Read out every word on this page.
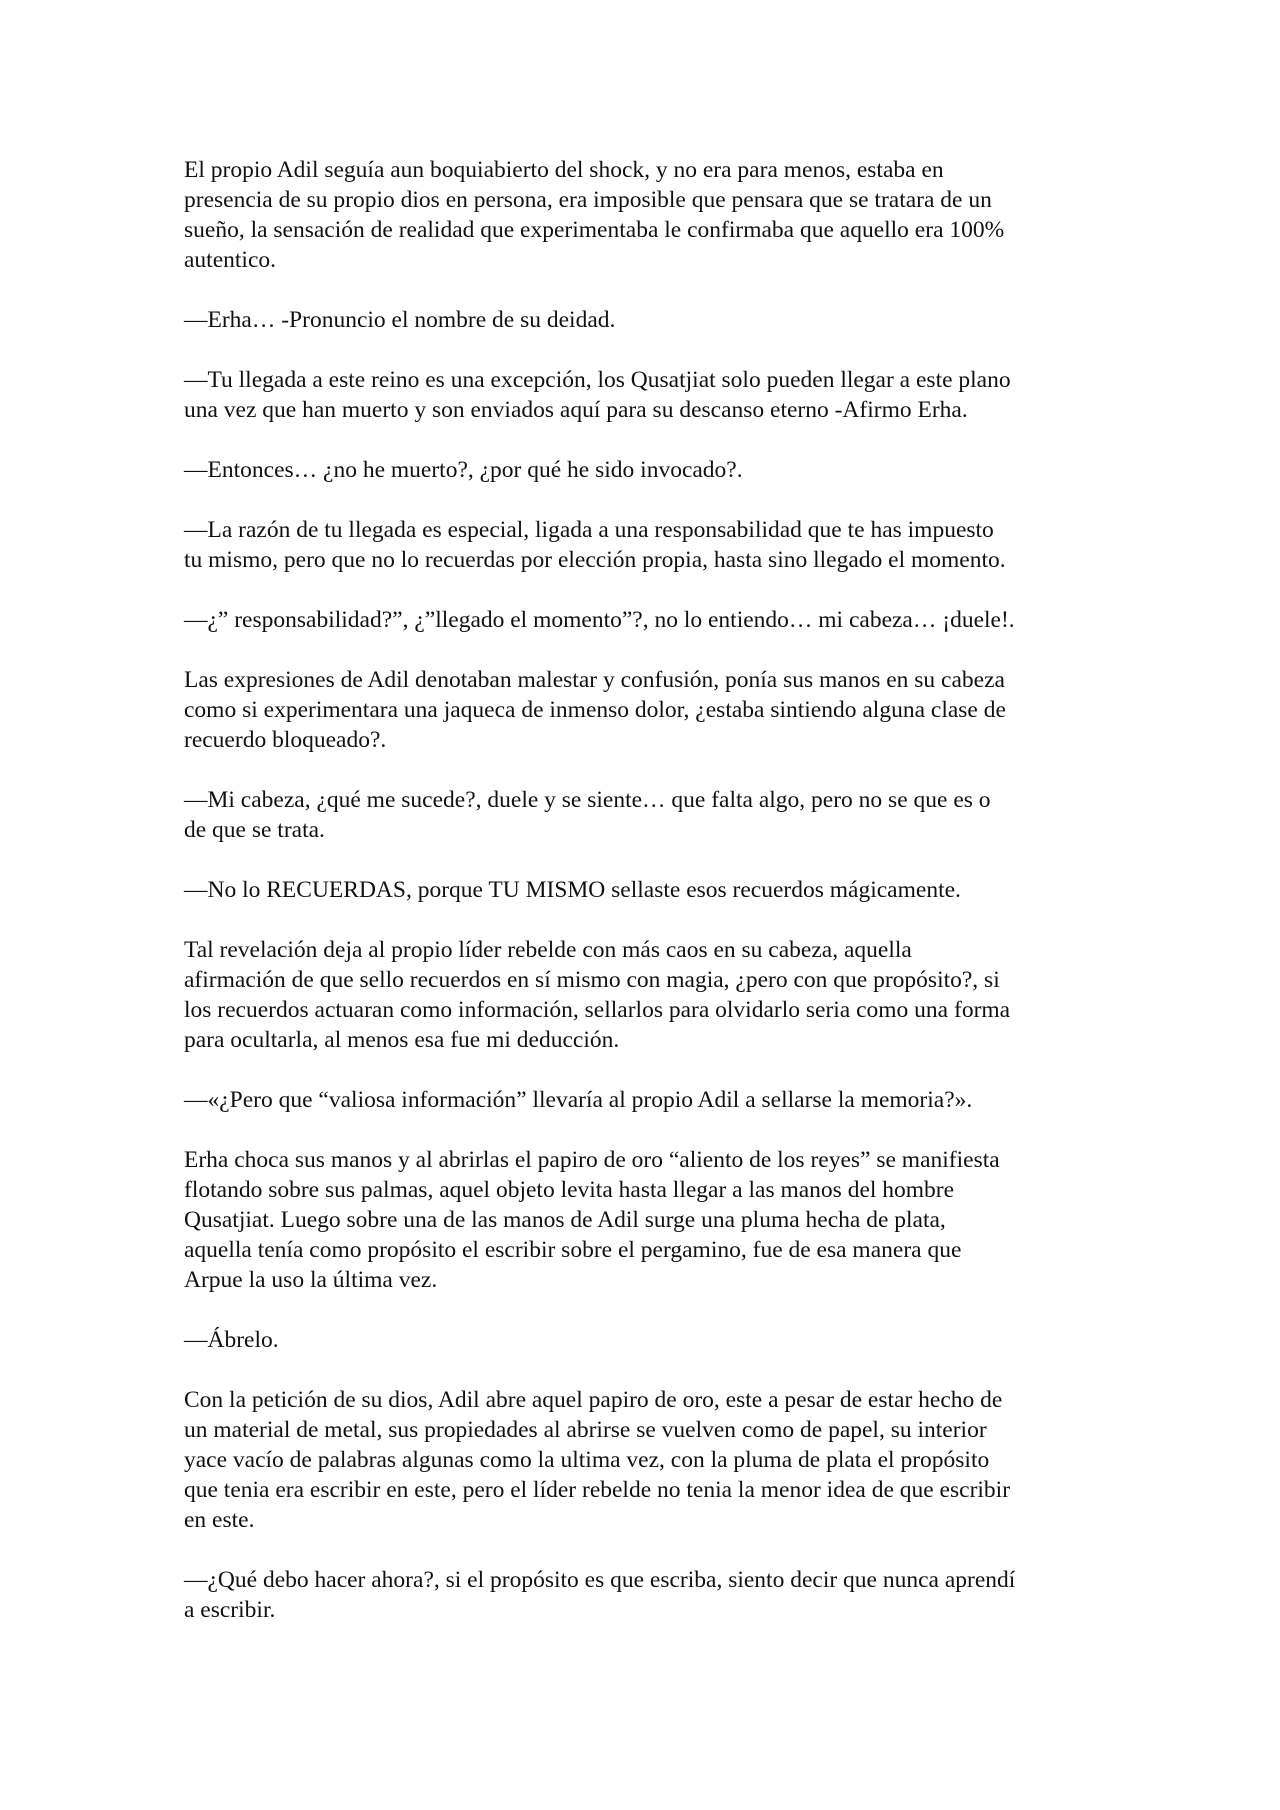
El propio Adil seguía aun boquiabierto del shock, y no era para menos, estaba en
presencia de su propio dios en persona, era imposible que pensara que se tratara de un
sueño, la sensación de realidad que experimentaba le confirmaba que aquello era 100%
autentico.

—Erha… -Pronuncio el nombre de su deidad.

—Tu llegada a este reino es una excepción, los Qusatjiat solo pueden llegar a este plano
una vez que han muerto y son enviados aquí para su descanso eterno -Afirmo Erha.

—Entonces… ¿no he muerto?, ¿por qué he sido invocado?.

—La razón de tu llegada es especial, ligada a una responsabilidad que te has impuesto
tu mismo, pero que no lo recuerdas por elección propia, hasta sino llegado el momento.

—¿” responsabilidad?”, ¿”llegado el momento”?, no lo entiendo… mi cabeza… ¡duele!.

Las expresiones de Adil denotaban malestar y confusión, ponía sus manos en su cabeza
como si experimentara una jaqueca de inmenso dolor, ¿estaba sintiendo alguna clase de
recuerdo bloqueado?.

—Mi cabeza, ¿qué me sucede?, duele y se siente… que falta algo, pero no se que es o
de que se trata.

—No lo RECUERDAS, porque TU MISMO sellaste esos recuerdos mágicamente.

Tal revelación deja al propio líder rebelde con más caos en su cabeza, aquella
afirmación de que sello recuerdos en sí mismo con magia, ¿pero con que propósito?, si
los recuerdos actuaran como información, sellarlos para olvidarlo seria como una forma
para ocultarla, al menos esa fue mi deducción.

—«¿Pero que “valiosa información” llevaría al propio Adil a sellarse la memoria?».

Erha choca sus manos y al abrirlas el papiro de oro “aliento de los reyes” se manifiesta
flotando sobre sus palmas, aquel objeto levita hasta llegar a las manos del hombre
Qusatjiat. Luego sobre una de las manos de Adil surge una pluma hecha de plata,
aquella tenía como propósito el escribir sobre el pergamino, fue de esa manera que
Arpue la uso la última vez.

—Ábrelo.

Con la petición de su dios, Adil abre aquel papiro de oro, este a pesar de estar hecho de
un material de metal, sus propiedades al abrirse se vuelven como de papel, su interior
yace vacío de palabras algunas como la ultima vez, con la pluma de plata el propósito
que tenia era escribir en este, pero el líder rebelde no tenia la menor idea de que escribir
en este.

—¿Qué debo hacer ahora?, si el propósito es que escriba, siento decir que nunca aprendí
a escribir.
